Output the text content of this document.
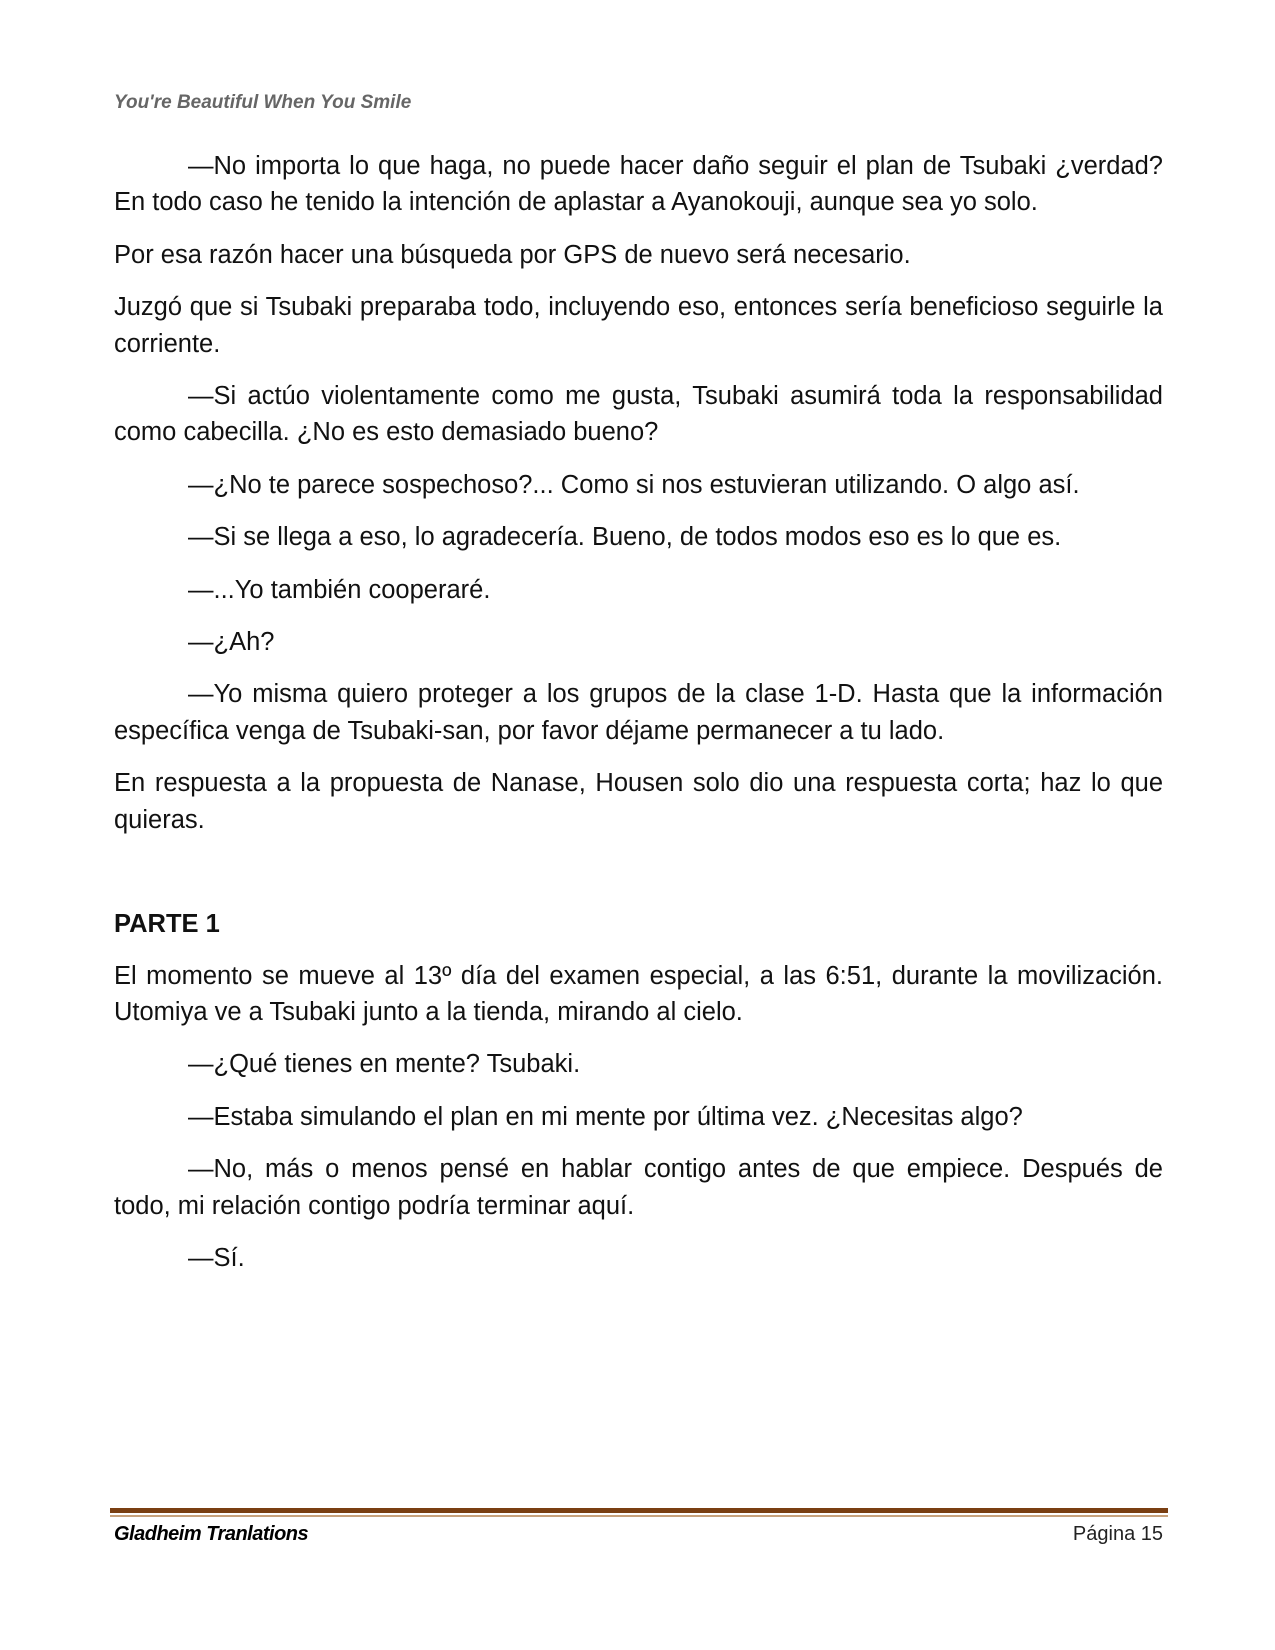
You're Beautiful When You Smile

—No importa lo que haga, no puede hacer daño seguir el plan de Tsubaki ¿verdad? En todo caso he tenido la intención de aplastar a Ayanokouji, aunque sea yo solo.

Por esa razón hacer una búsqueda por GPS de nuevo será necesario.

Juzgó que si Tsubaki preparaba todo, incluyendo eso, entonces sería beneficioso seguirle la corriente.

—Si actúo violentamente como me gusta, Tsubaki asumirá toda la responsabilidad como cabecilla. ¿No es esto demasiado bueno?

—¿No te parece sospechoso?... Como si nos estuvieran utilizando. O algo así.

—Si se llega a eso, lo agradecería. Bueno, de todos modos eso es lo que es.

—...Yo también cooperaré.

—¿Ah?

—Yo misma quiero proteger a los grupos de la clase 1-D. Hasta que la información específica venga de Tsubaki-san, por favor déjame permanecer a tu lado.

En respuesta a la propuesta de Nanase, Housen solo dio una respuesta corta; haz lo que quieras.

PARTE 1

El momento se mueve al 13º día del examen especial, a las 6:51, durante la movilización. Utomiya ve a Tsubaki junto a la tienda, mirando al cielo.

—¿Qué tienes en mente? Tsubaki.

—Estaba simulando el plan en mi mente por última vez. ¿Necesitas algo?

—No, más o menos pensé en hablar contigo antes de que empiece. Después de todo, mi relación contigo podría terminar aquí.

—Sí.

Gladheim Tranlations	Página 15
